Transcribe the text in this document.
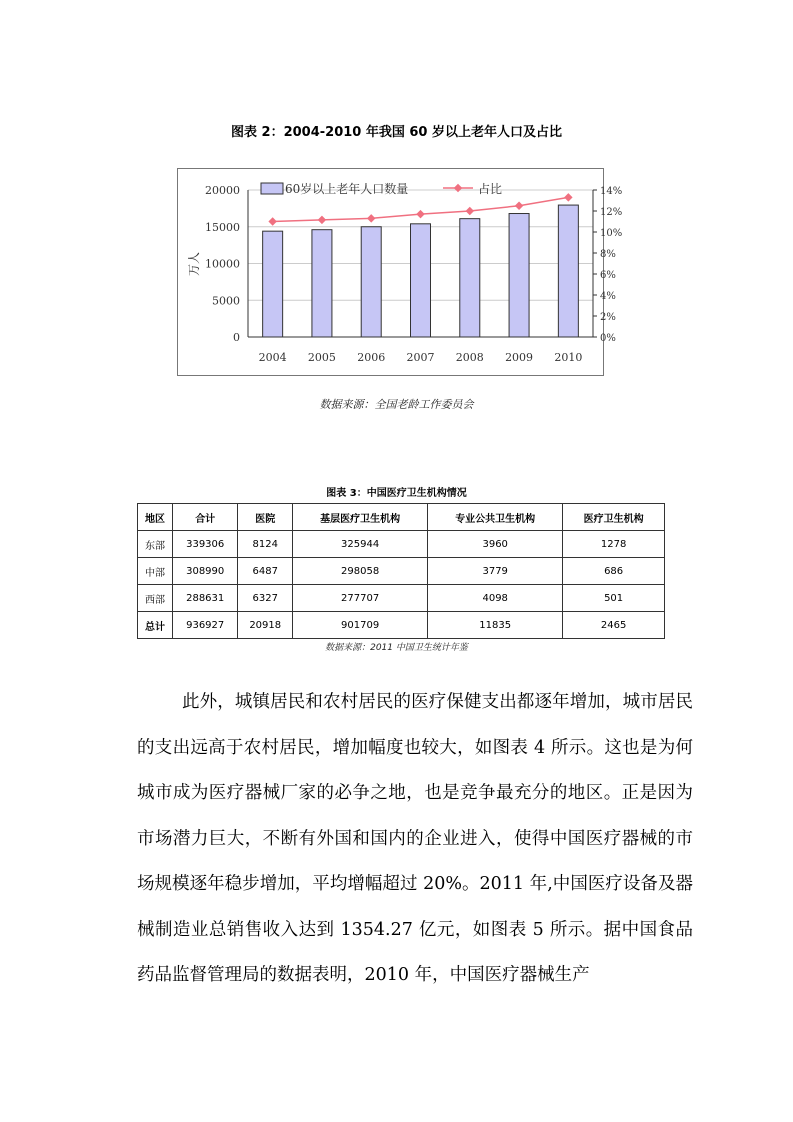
图表 2：2004-2010 年我国 60 岁以上老年人口及占比
0
5000
10000
15000
20000
0%
2%
4%
6%
8%
10%
12%
14%
万人
2004 2005 2006 2007 2008 2009 2010
60岁以上老年人口数量	占比
数据来源：全国老龄工作委员会
图表 3：中国医疗卫生机构情况
地区	合计	医院	基层医疗卫生机构	专业公共卫生机构	医疗卫生机构
东部	339306	8124	325944	3960	1278
中部	308990	6487	298058	3779	686
西部	288631	6327	277707	4098	501
总计	936927	20918	901709	11835	2465
数据来源：2011 中国卫生统计年鉴
此外，城镇居民和农村居民的医疗保健支出都逐年增加，城市居民的支出远高于农村居民，增加幅度也较大，如图表 4 所示。这也是为何城市成为医疗器械厂家的必争之地，也是竞争最充分的地区。正是因为市场潜力巨大，不断有外国和国内的企业进入，使得中国医疗器械的市场规模逐年稳步增加，平均增幅超过 20%。2011 年,中国医疗设备及器械制造业总销售收入达到 1354.27 亿元，如图表 5 所示。据中国食品药品监督管理局的数据表明，2010 年，中国医疗器械生产
